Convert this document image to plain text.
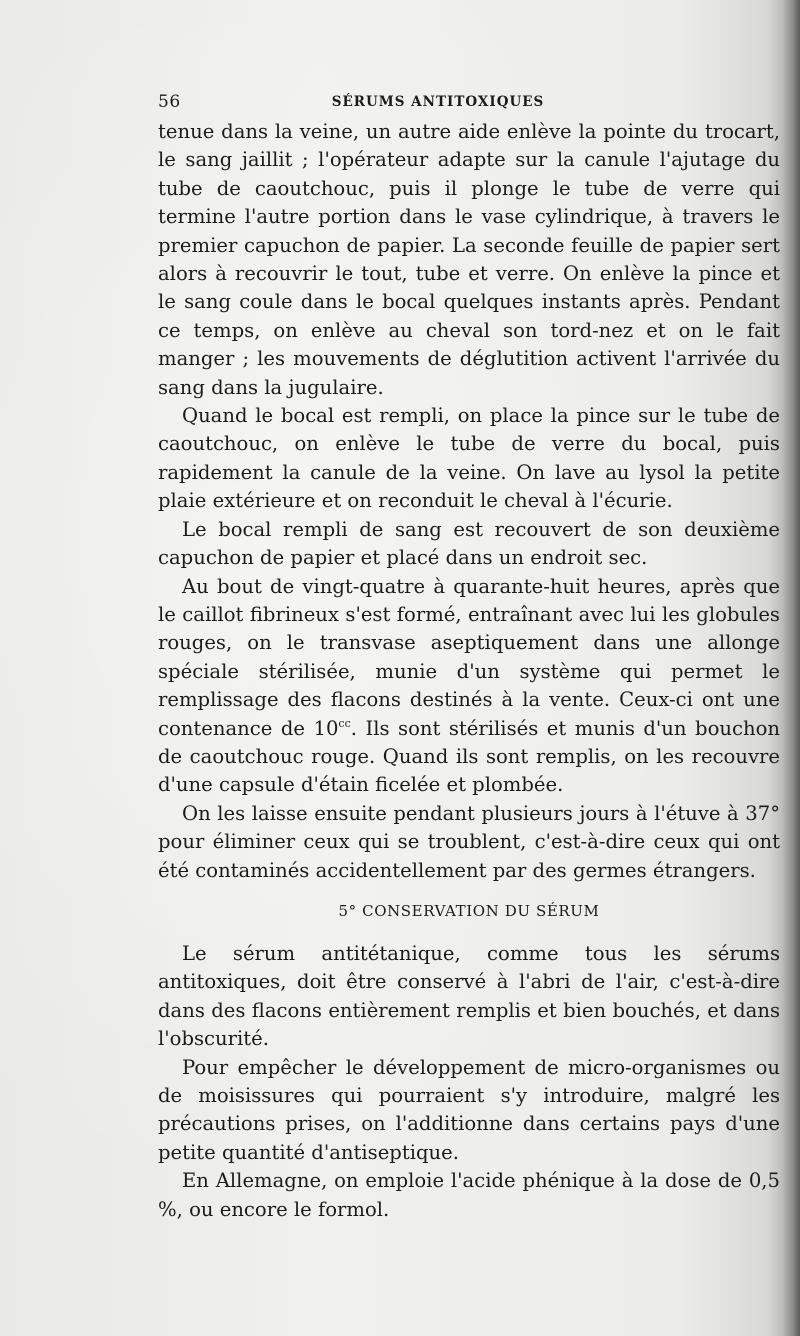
56	SÉRUMS ANTITOXIQUES

tenue dans la veine, un autre aide enlève la pointe du trocart, le sang jaillit ; l'opérateur adapte sur la canule l'ajutage du tube de caoutchouc, puis il plonge le tube de verre qui termine l'autre portion dans le vase cylindrique, à travers le premier capuchon de papier. La seconde feuille de papier sert alors à recouvrir le tout, tube et verre. On enlève la pince et le sang coule dans le bocal quelques instants après. Pendant ce temps, on enlève au cheval son tord-nez et on le fait manger ; les mouvements de déglutition activent l'arrivée du sang dans la jugulaire.

Quand le bocal est rempli, on place la pince sur le tube de caoutchouc, on enlève le tube de verre du bocal, puis rapidement la canule de la veine. On lave au lysol la petite plaie extérieure et on reconduit le cheval à l'écurie.

Le bocal rempli de sang est recouvert de son deuxième capuchon de papier et placé dans un endroit sec.

Au bout de vingt-quatre à quarante-huit heures, après que le caillot fibrineux s'est formé, entraînant avec lui les globules rouges, on le transvase aseptiquement dans une allonge spéciale stérilisée, munie d'un système qui permet le remplissage des flacons destinés à la vente. Ceux-ci ont une contenance de $10^{cc}$. Ils sont stérilisés et munis d'un bouchon de caoutchouc rouge. Quand ils sont remplis, on les recouvre d'une capsule d'étain ficelée et plombée.

On les laisse ensuite pendant plusieurs jours à l'étuve à 37° pour éliminer ceux qui se troublent, c'est-à-dire ceux qui ont été contaminés accidentellement par des germes étrangers.

5° CONSERVATION DU SÉRUM

Le sérum antitétanique, comme tous les sérums antitoxiques, doit être conservé à l'abri de l'air, c'est-à-dire dans des flacons entièrement remplis et bien bouchés, et dans l'obscurité.

Pour empêcher le développement de micro-organismes ou de moisissures qui pourraient s'y introduire, malgré les précautions prises, on l'additionne dans certains pays d'une petite quantité d'antiseptique.

En Allemagne, on emploie l'acide phénique à la dose de 0,5 %, ou encore le formol.
